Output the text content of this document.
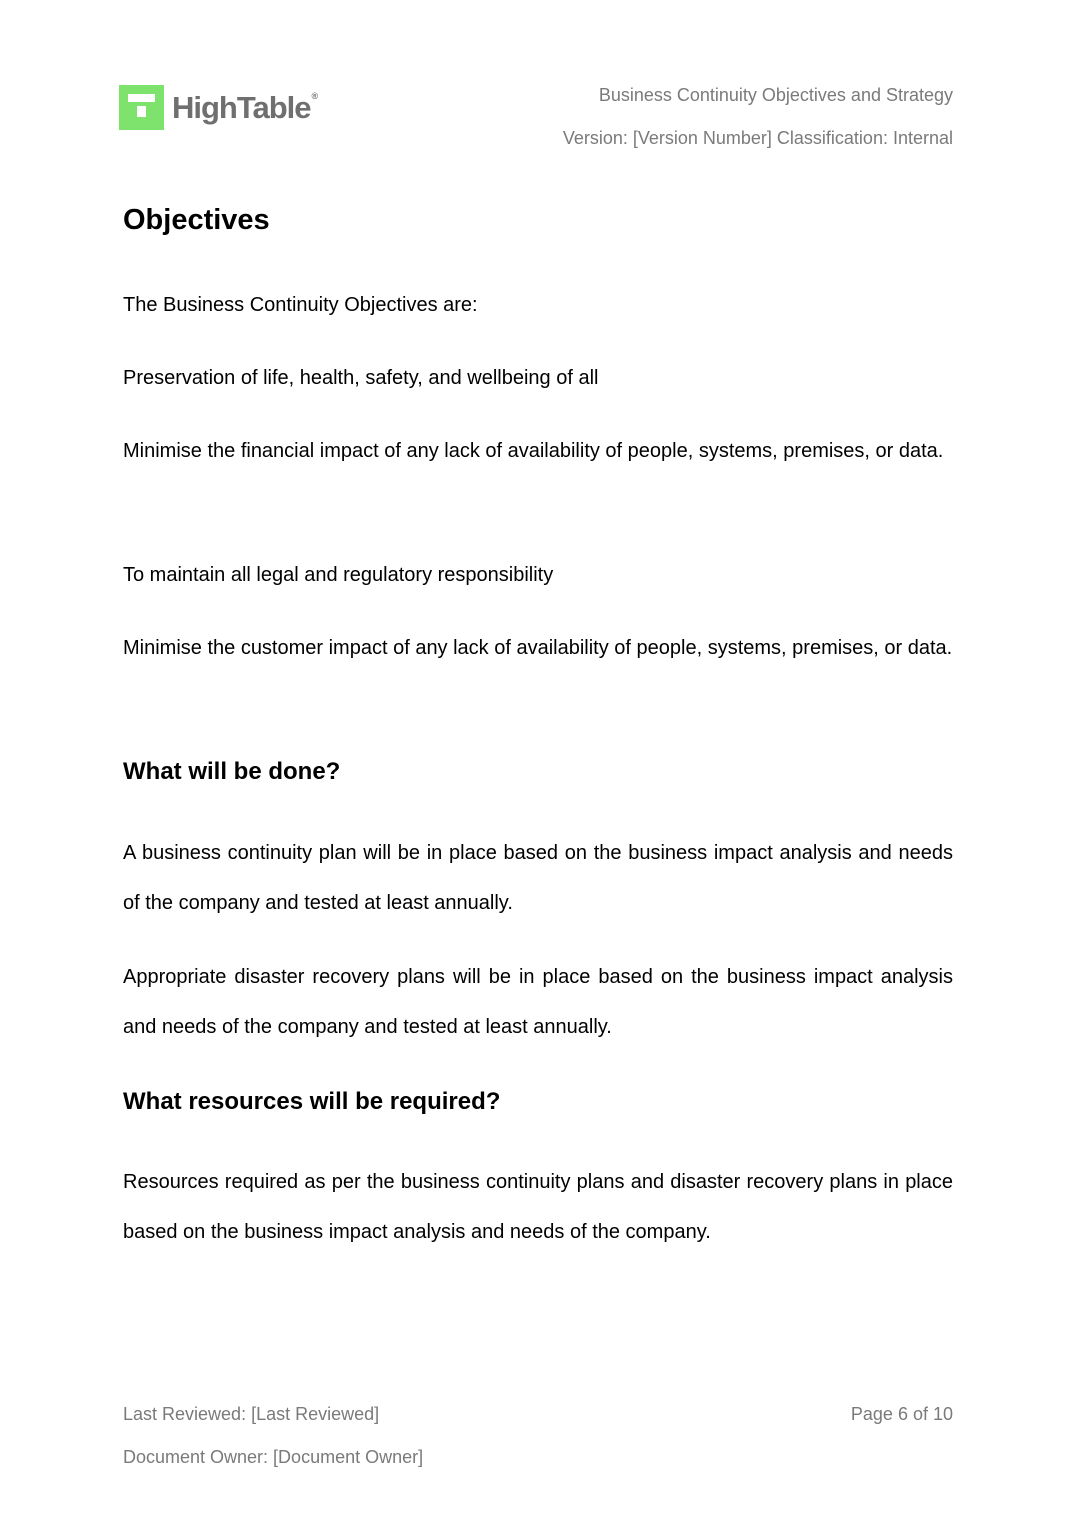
HighTable®	Business Continuity Objectives and Strategy
Version: [Version Number] Classification: Internal
Objectives

The Business Continuity Objectives are:

Preservation of life, health, safety, and wellbeing of all

Minimise the financial impact of any lack of availability of people, systems, premises, or data.

To maintain all legal and regulatory responsibility

Minimise the customer impact of any lack of availability of people, systems, premises, or data.

What will be done?

A business continuity plan will be in place based on the business impact analysis and needs of the company and tested at least annually.

Appropriate disaster recovery plans will be in place based on the business impact analysis and needs of the company and tested at least annually.

What resources will be required?

Resources required as per the business continuity plans and disaster recovery plans in place based on the business impact analysis and needs of the company.

Last Reviewed: [Last Reviewed]
Document Owner: [Document Owner]
Page 6 of 10
